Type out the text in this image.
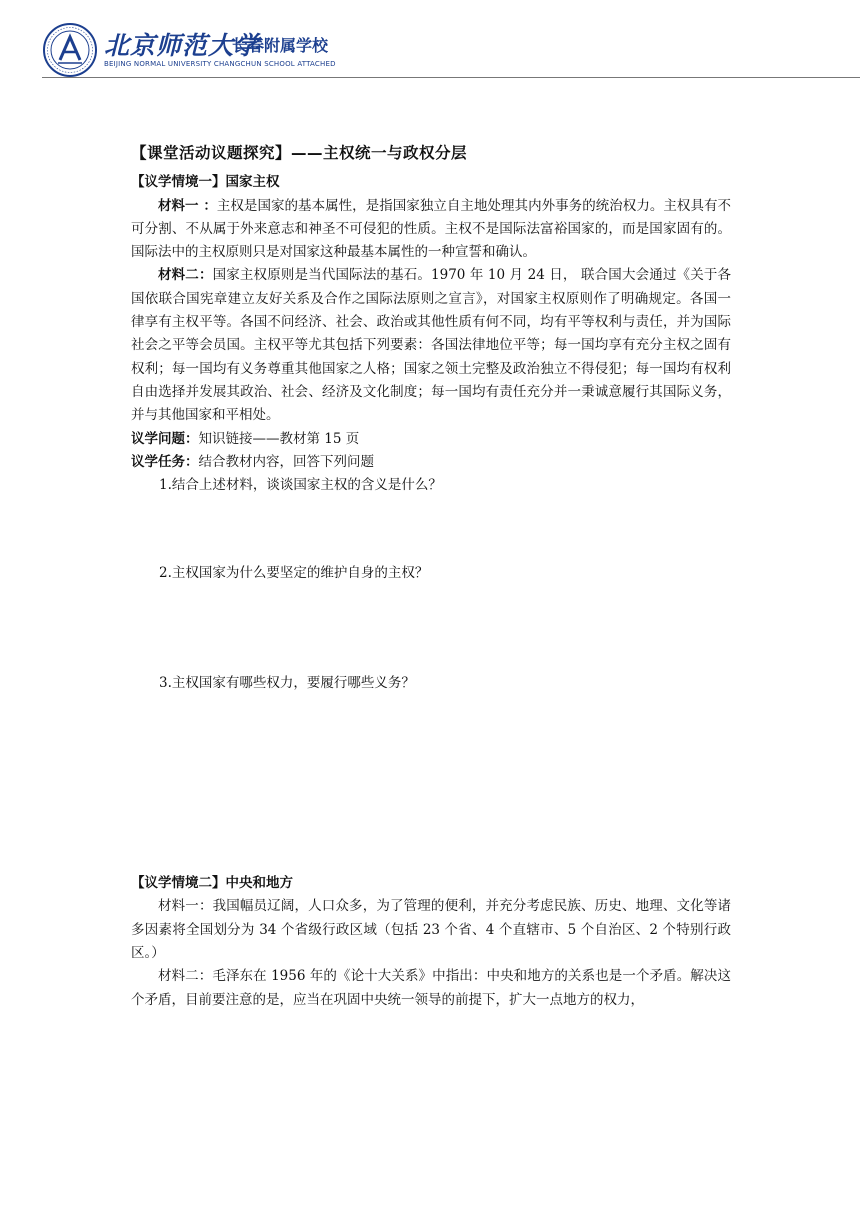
北京师范大学
长春附属学校
BEIJING NORMAL UNIVERSITY CHANGCHUN SCHOOL ATTACHED

【课堂活动议题探究】——主权统一与政权分层

【议学情境一】国家主权

材料一 ：主权是国家的基本属性，是指国家独立自主地处理其内外事务的统治权力。主权具有不可分割、不从属于外来意志和神圣不可侵犯的性质。主权不是国际法富裕国家的，而是国家固有的。国际法中的主权原则只是对国家这种最基本属性的一种宣誓和确认。

材料二：国家主权原则是当代国际法的基石。1970 年 10 月 24 日， 联合国大会通过《关于各国依联合国宪章建立友好关系及合作之国际法原则之宣言》，对国家主权原则作了明确规定。各国一律享有主权平等。各国不问经济、社会、政治或其他性质有何不同，均有平等权利与责任，并为国际社会之平等会员国。主权平等尤其包括下列要素：各国法律地位平等；每一国均享有充分主权之固有权利；每一国均有义务尊重其他国家之人格；国家之领土完整及政治独立不得侵犯；每一国均有权利自由选择并发展其政治、社会、经济及文化制度；每一国均有责任充分并一秉诚意履行其国际义务，并与其他国家和平相处。

议学问题：知识链接——教材第 15 页

议学任务：结合教材内容，回答下列问题

1.结合上述材料，谈谈国家主权的含义是什么？

2.主权国家为什么要坚定的维护自身的主权？

3.主权国家有哪些权力，要履行哪些义务？

【议学情境二】中央和地方

材料一：我国幅员辽阔，人口众多，为了管理的便利，并充分考虑民族、历史、地理、文化等诸多因素将全国划分为 34 个省级行政区域（包括 23 个省、4 个直辖市、5 个自治区、2 个特别行政区。）

材料二：毛泽东在 1956 年的《论十大关系》中指出：中央和地方的关系也是一个矛盾。解决这个矛盾，目前要注意的是，应当在巩固中央统一领导的前提下，扩大一点地方的权力，
